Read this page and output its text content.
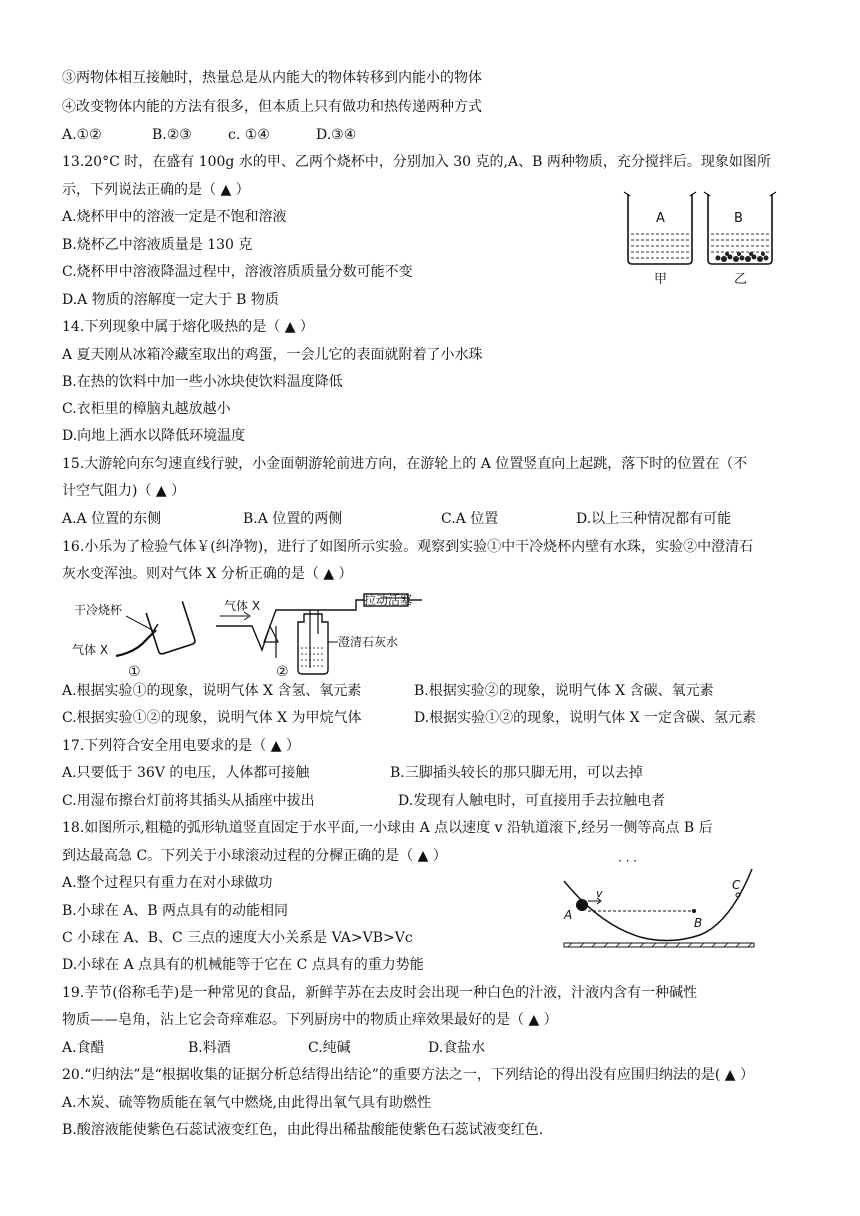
③两物体相互接触时，热量总是从内能大的物体转移到内能小的物体
④改变物体内能的方法有很多，但本质上只有做功和热传递两种方式
A.①②	B.②③	c. ①④	D.③④
13.20°C 时，在盛有 100g 水的甲、乙两个烧杯中，分别加入 30 克的,A、B 两种物质，充分搅拌后。现象如图所
示，下列说法正确的是（ ▲ ）
A.烧杯甲中的溶液一定是不饱和溶液
B.烧杯乙中溶液质量是 130 克
C.烧杯甲中溶液降温过程中，溶液溶质质量分数可能不变
D.A 物质的溶解度一定大于 B 物质
A	B
甲	乙
14.下列现象中属于熔化吸热的是（ ▲ ）
A 夏天刚从冰箱冷藏室取出的鸡蛋，一会儿它的表面就附着了小水珠
B.在热的饮料中加一些小冰块使饮料温度降低
C.衣柜里的樟脑丸越放越小
D.向地上洒水以降低环境温度
15.大游轮向东匀速直线行驶，小金面朝游轮前进方向，在游轮上的 A 位置竖直向上起跳，落下时的位置在（不
计空气阻力)（ ▲ ）
A.A 位置的东侧	B.A 位置的两侧	C.A 位置	D.以上三种情况都有可能
16.小乐为了检验气体￥(纠净物)，进行了如图所示实验。观察到实验①中干冷烧杯内壁有水珠，实验②中澄清石
灰水变浑浊。则对气体 X 分析正确的是（ ▲ ）
干冷烧杯
气体 X
①
气体 X	拉动活塞
澄清石灰水
②
A.根据实验①的现象，说明气体 X 含氢、氧元素	B.根据实验②的现象，说明气体 X 含碳、氧元素
C.根据实验①②的现象，说明气体 X 为甲烷气体	D.根据实验①②的现象，说明气体 X 一定含碳、氢元素
17.下列符合安全用电要求的是（ ▲ ）
A.只要低于 36V 的电压，人体都可接触	B.三脚插头较长的那只脚无用，可以去掉
C.用湿布擦台灯前将其插头从插座中拔出	D.发现有人触电时，可直接用手去拉触电者
18.如图所示,粗糙的弧形轨道竖直固定于水平面,一小球由 A 点以速度 v 沿轨道滚下,经另一侧等高点 B 后
到达最高急 C。下列关于小球滚动过程的分樨正确的是（ ▲ ）
A.整个过程只有重力在对小球做功
B.小球在 A、B 两点具有的动能相同
C 小球在 A、B、C 三点的速度大小关系是 VA>VB>Vc
D.小球在 A 点具有的机械能等于它在 C 点具有的重力势能
· · ·
v
A
B
C
19.芋节(俗称毛芋)是一种常见的食品，新鲜芋苏在去皮时会出现一种白色的汁液，汁液内含有一种碱性
物质——皂角，沾上它会奇痒难忍。下列厨房中的物质止痒效果最好的是（ ▲ ）
A.食醋	B.料酒	C.纯碱	D.食盐水
20.“归纳法”是“根据收集的证据分析总结得出结论”的重要方法之一，下列结论的得出没有应围归纳法的是( ▲ ）
A.木炭、硫等物质能在氧气中燃烧,由此得出氧气具有助燃性
B.酸溶液能使紫色石蕊试液变红色，由此得出稀盐酸能使紫色石蕊试液变红色.
